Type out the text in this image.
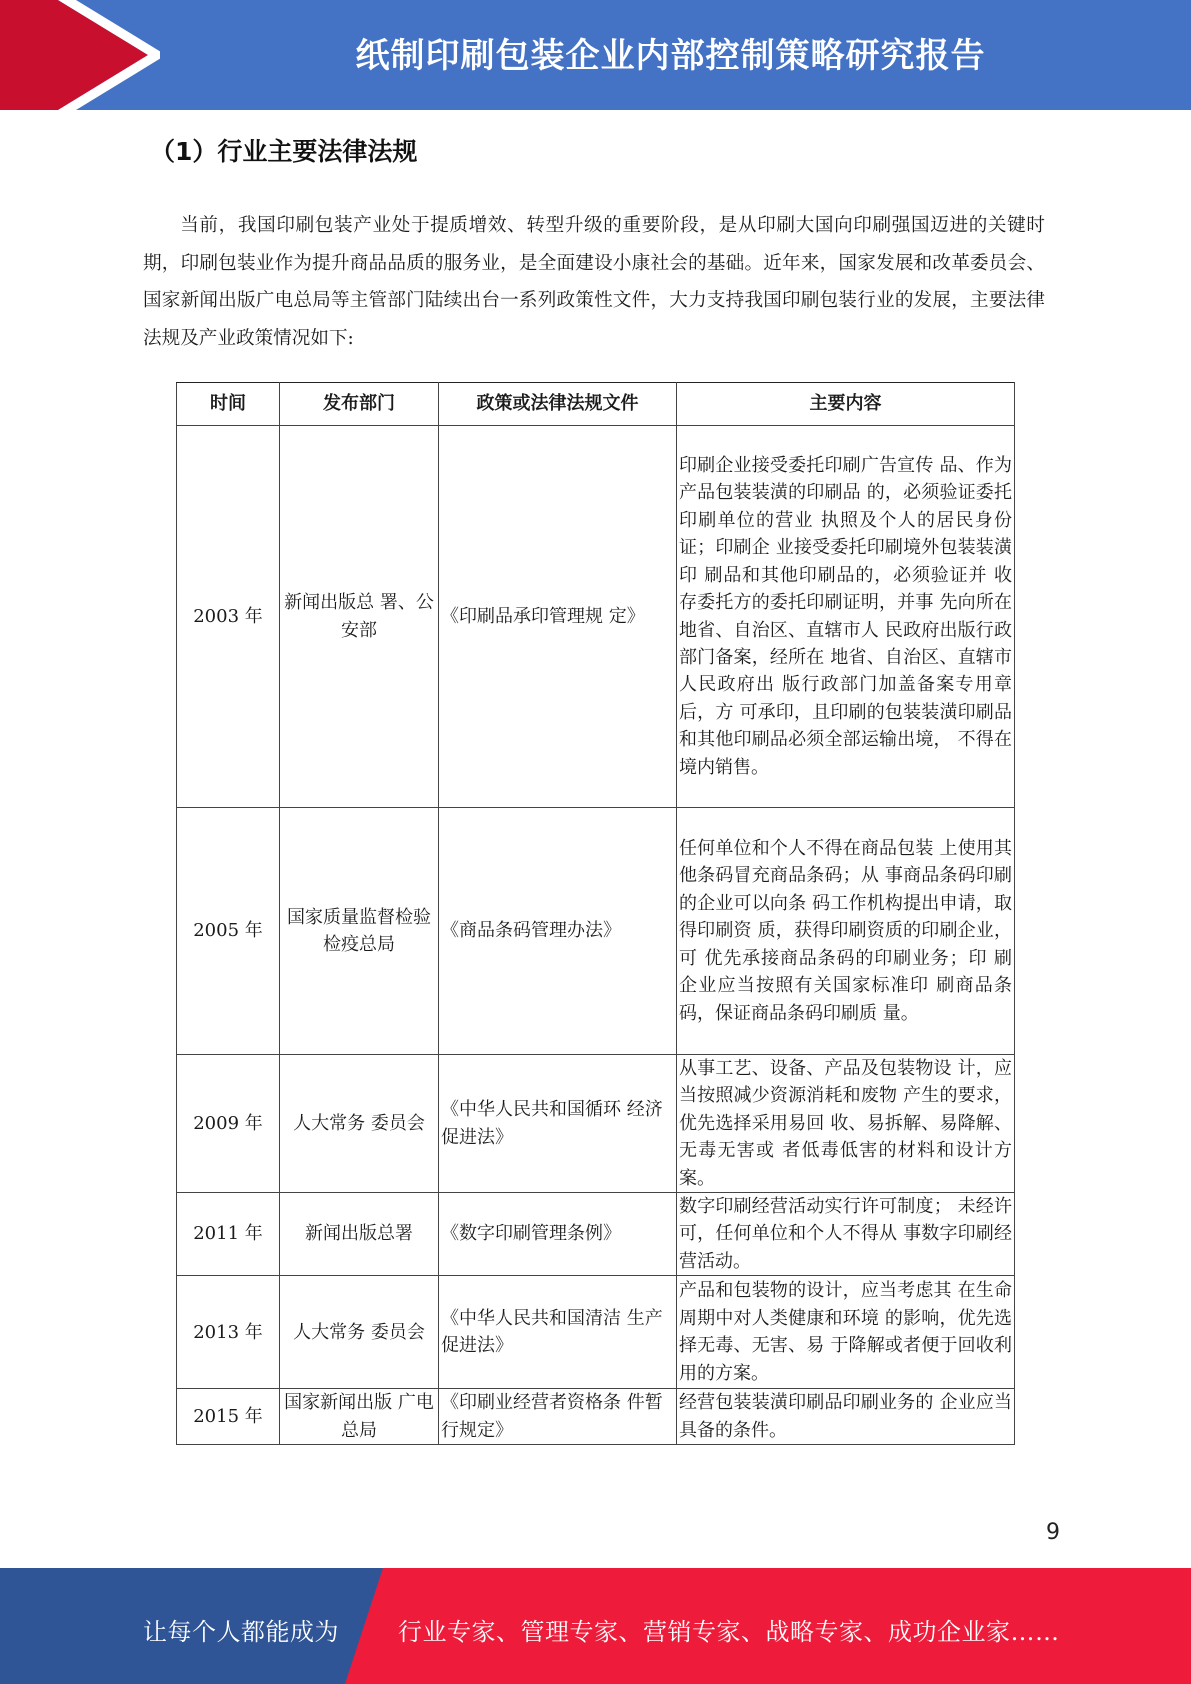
纸制印刷包装企业内部控制策略研究报告
（1）行业主要法律法规

当前，我国印刷包装产业处于提质增效、转型升级的重要阶段，是从印刷大国向印刷强国迈进的关键时期，印刷包装业作为提升商品品质的服务业，是全面建设小康社会的基础。近年来，国家发展和改革委员会、国家新闻出版广电总局等主管部门陆续出台一系列政策性文件，大力支持我国印刷包装行业的发展，主要法律法规及产业政策情况如下:

时间	发布部门	政策或法律法规文件	主要内容
2003 年	新闻出版总 署、公安部	《印刷品承印管理规 定》	印刷企业接受委托印刷广告宣传 品、作为产品包装装潢的印刷品 的，必须验证委托印刷单位的营业 执照及个人的居民身份证；印刷企 业接受委托印刷境外包装装潢印 刷品和其他印刷品的，必须验证并 收存委托方的委托印刷证明，并事 先向所在地省、自治区、直辖市人 民政府出版行政部门备案，经所在 地省、自治区、直辖市人民政府出 版行政部门加盖备案专用章后，方 可承印，且印刷的包装装潢印刷品和其他印刷品必须全部运输出境， 不得在境内销售。
2005 年	国家质量监督检验检疫总局	《商品条码管理办法》	任何单位和个人不得在商品包装 上使用其他条码冒充商品条码；从 事商品条码印刷的企业可以向条 码工作机构提出申请，取得印刷资 质，获得印刷资质的印刷企业，可 优先承接商品条码的印刷业务；印 刷企业应当按照有关国家标准印 刷商品条码，保证商品条码印刷质 量。
2009 年	人大常务 委员会	《中华人民共和国循环 经济促进法》	从事工艺、设备、产品及包装物设 计，应当按照减少资源消耗和废物 产生的要求，优先选择采用易回 收、易拆解、易降解、无毒无害或 者低毒低害的材料和设计方案。
2011 年	新闻出版总署	《数字印刷管理条例》	数字印刷经营活动实行许可制度； 未经许可，任何单位和个人不得从 事数字印刷经营活动。
2013 年	人大常务 委员会	《中华人民共和国清洁 生产促进法》	产品和包装物的设计，应当考虑其 在生命周期中对人类健康和环境 的影响，优先选择无毒、无害、易 于降解或者便于回收利用的方案。
2015 年	国家新闻出版 广电总局	《印刷业经营者资格条 件暂行规定》	经营包装装潢印刷品印刷业务的 企业应当具备的条件。
9
让每个人都能成为 行业专家、管理专家、营销专家、战略专家、成功企业家……
